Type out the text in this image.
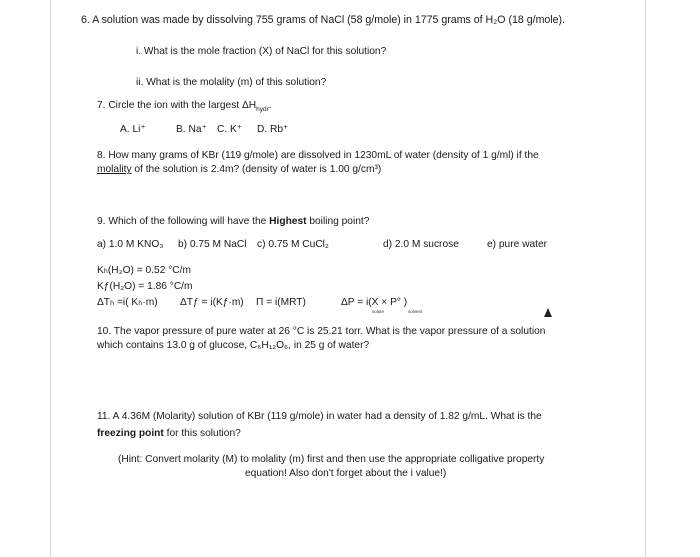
6. A solution was made by dissolving 755 grams of NaCl (58 g/mole) in 1775 grams of H₂O (18 g/mole).
i. What is the mole fraction (X) of NaCl for this solution?
ii. What is the molality (m) of this solution?
7. Circle the ion with the largest $\Delta H_{hydr}$.
A. Li⁺	B. Na⁺ C. K⁺ D. Rb⁺
8. How many grams of KBr (119 g/mole) are dissolved in 1230mL of water (density of 1 g/ml) if the
molality of the solution is 2.4m? (density of water is 1.00 g/cm³)
9. Which of the following will have the Highest boiling point?
a) 1.0 M KNO₃ b) 0.75 M NaCl c) 0.75 M CuCl₂	d) 2.0 M sucrose	e) pure water
Kₕ(H₂O) = 0.52 °C/m
Kƒ(H₂O) = 1.86 °C/m
ΔTₕ =i( Kₕ·m) ΔTƒ = i(Kƒ·m) Π = i(MRT)	ΔP = i(X × P° )
solute	solvent
10. The vapor pressure of pure water at 26 °C is 25.21 torr. What is the vapor pressure of a solution
which contains 13.0 g of glucose, C₆H₁₂O₆, in 25 g of water?
11. A 4.36M (Molarity) solution of KBr (119 g/mole) in water had a density of 1.82 g/mL. What is the
freezing point for this solution?
(Hint: Convert molarity (M) to molality (m) first and then use the appropriate colligative property
equation! Also don't forget about the i value!)
